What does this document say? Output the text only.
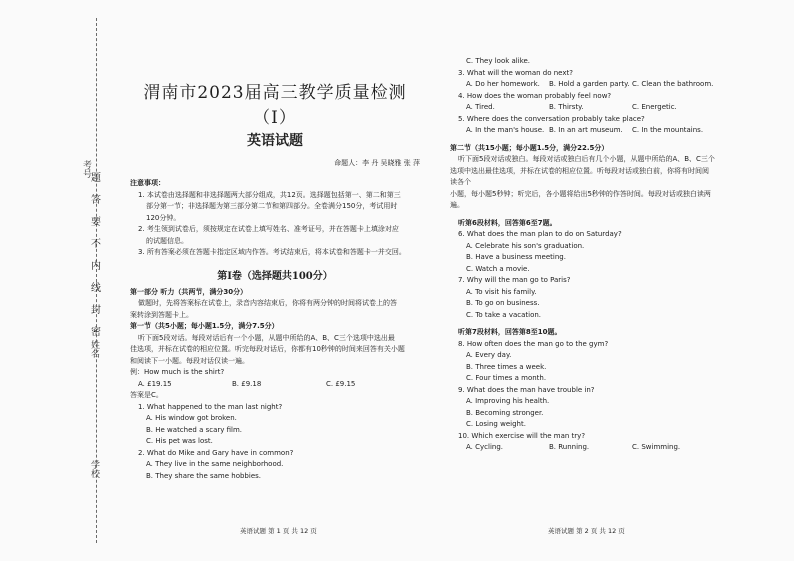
题
答
要
不
内
线
封
密
考号
姓名
学校
渭南市2023届高三教学质量检测（Ⅰ）
英语试题
命题人：李 丹 吴晓雅 张 萍
注意事项：
1. 本试卷由选择题和非选择题两大部分组成，共12页。选择题包括第一、第二和第三
部分第一节；非选择题为第三部分第二节和第四部分。全卷满分150分，考试用时
120分钟。
2. 考生领到试卷后，须按规定在试卷上填写姓名、准考证号，并在答题卡上填涂对应
的试题信息。
3. 所有答案必须在答题卡指定区域内作答。考试结束后，将本试卷和答题卡一并交回。
第Ⅰ卷（选择题共100分）
第一部分 听力（共两节，满分30分）
做题时，先将答案标在试卷上，录音内容结束后，你将有两分钟的时间将试卷上的答
案转涂到答题卡上。
第一节（共5小题；每小题1.5分，满分7.5分）
听下面5段对话。每段对话后有一个小题，从题中所给的A、B、C三个选项中选出最
佳选项，并标在试卷的相应位置。听完每段对话后，你都有10秒钟的时间来回答有关小题
和阅读下一小题。每段对话仅读一遍。
例：How much is the shirt?
A. £19.15	B. £9.18	C. £9.15
答案是C。
1. What happened to the man last night?
A. His window got broken.
B. He watched a scary film.
C. His pet was lost.
2. What do Mike and Gary have in common?
A. They live in the same neighborhood.
B. They share the same hobbies.
C. They look alike.
3. What will the woman do next?
A. Do her homework.	B. Hold a garden party. C. Clean the bathroom.
4. How does the woman probably feel now?
A. Tired.	B. Thirsty.	C. Energetic.
5. Where does the conversation probably take place?
A. In the man's house. B. In an art museum.	C. In the mountains.
第二节（共15小题；每小题1.5分，满分22.5分）
听下面5段对话或独白。每段对话或独白后有几个小题，从题中所给的A、B、C三个
选项中选出最佳选项，并标在试卷的相应位置。听每段对话或独白前，你将有时间阅读各个
小题，每小题5秒钟；听完后，各小题将给出5秒钟的作答时间。每段对话或独白读两遍。
听第6段材料，回答第6至7题。
6. What does the man plan to do on Saturday?
A. Celebrate his son's graduation.
B. Have a business meeting.
C. Watch a movie.
7. Why will the man go to Paris?
A. To visit his family.
B. To go on business.
C. To take a vacation.
听第7段材料，回答第8至10题。
8. How often does the man go to the gym?
A. Every day.
B. Three times a week.
C. Four times a month.
9. What does the man have trouble in?
A. Improving his health.
B. Becoming stronger.
C. Losing weight.
10. Which exercise will the man try?
A. Cycling.	B. Running.	C. Swimming.
英语试题 第 1 页 共 12 页	英语试题 第 2 页 共 12 页
